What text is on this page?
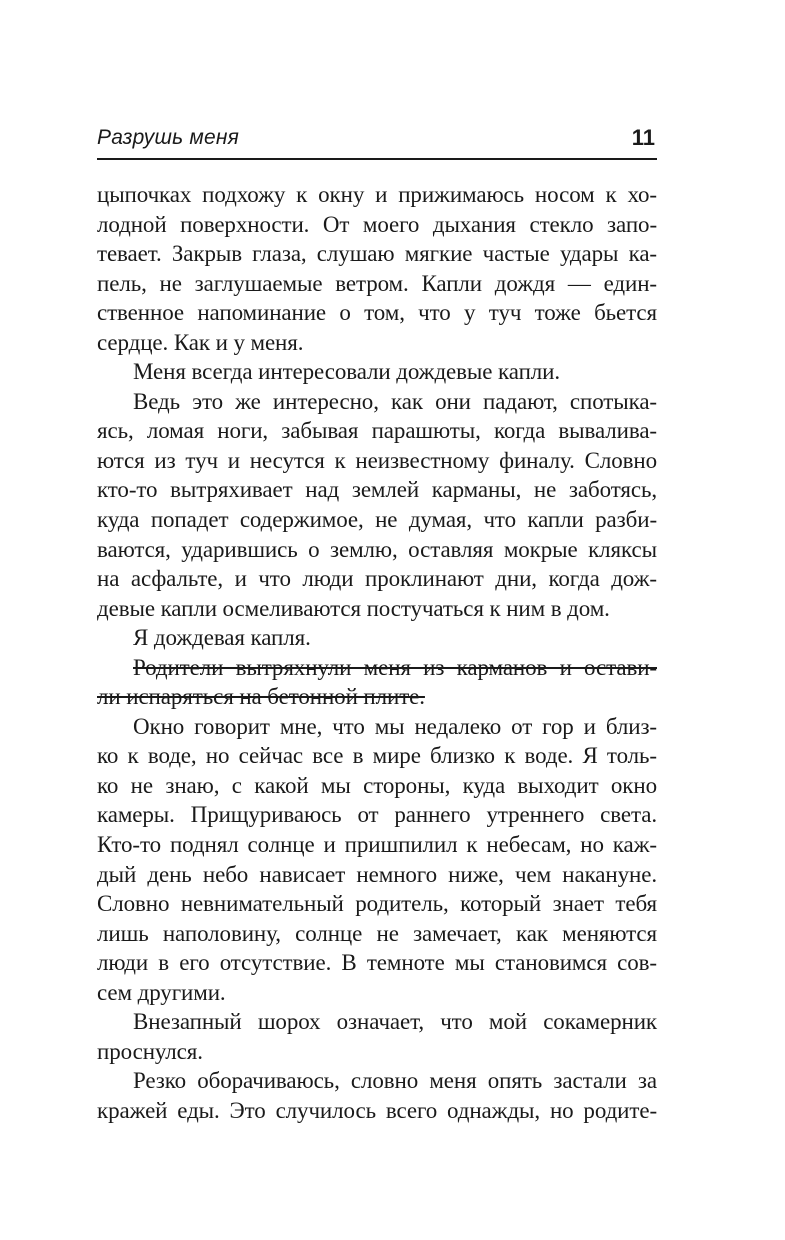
Разрушь меня	11
цыпочках подхожу к окну и прижимаюсь носом к хо-
лодной поверхности. От моего дыхания стекло запо-
тевает. Закрыв глаза, слушаю мягкие частые удары ка-
пель, не заглушаемые ветром. Капли дождя — един-
ственное напоминание о том, что у туч тоже бьется
сердце. Как и у меня.
Меня всегда интересовали дождевые капли.
Ведь это же интересно, как они падают, спотыка-
ясь, ломая ноги, забывая парашюты, когда вывалива-
ются из туч и несутся к неизвестному финалу. Словно
кто-то вытряхивает над землей карманы, не заботясь,
куда попадет содержимое, не думая, что капли разби-
ваются, ударившись о землю, оставляя мокрые кляксы
на асфальте, и что люди проклинают дни, когда дож-
девые капли осмеливаются постучаться к ним в дом.
Я дождевая капля.
Родители вытряхнули меня из карманов и остави-
ли испаряться на бетонной плите.
Окно говорит мне, что мы недалеко от гор и близ-
ко к воде, но сейчас все в мире близко к воде. Я толь-
ко не знаю, с какой мы стороны, куда выходит окно
камеры. Прищуриваюсь от раннего утреннего света.
Кто-то поднял солнце и пришпилил к небесам, но каж-
дый день небо нависает немного ниже, чем накануне.
Словно невнимательный родитель, который знает тебя
лишь наполовину, солнце не замечает, как меняются
люди в его отсутствие. В темноте мы становимся сов-
сем другими.
Внезапный шорох означает, что мой сокамерник
проснулся.
Резко оборачиваюсь, словно меня опять застали за
кражей еды. Это случилось всего однажды, но родите-
